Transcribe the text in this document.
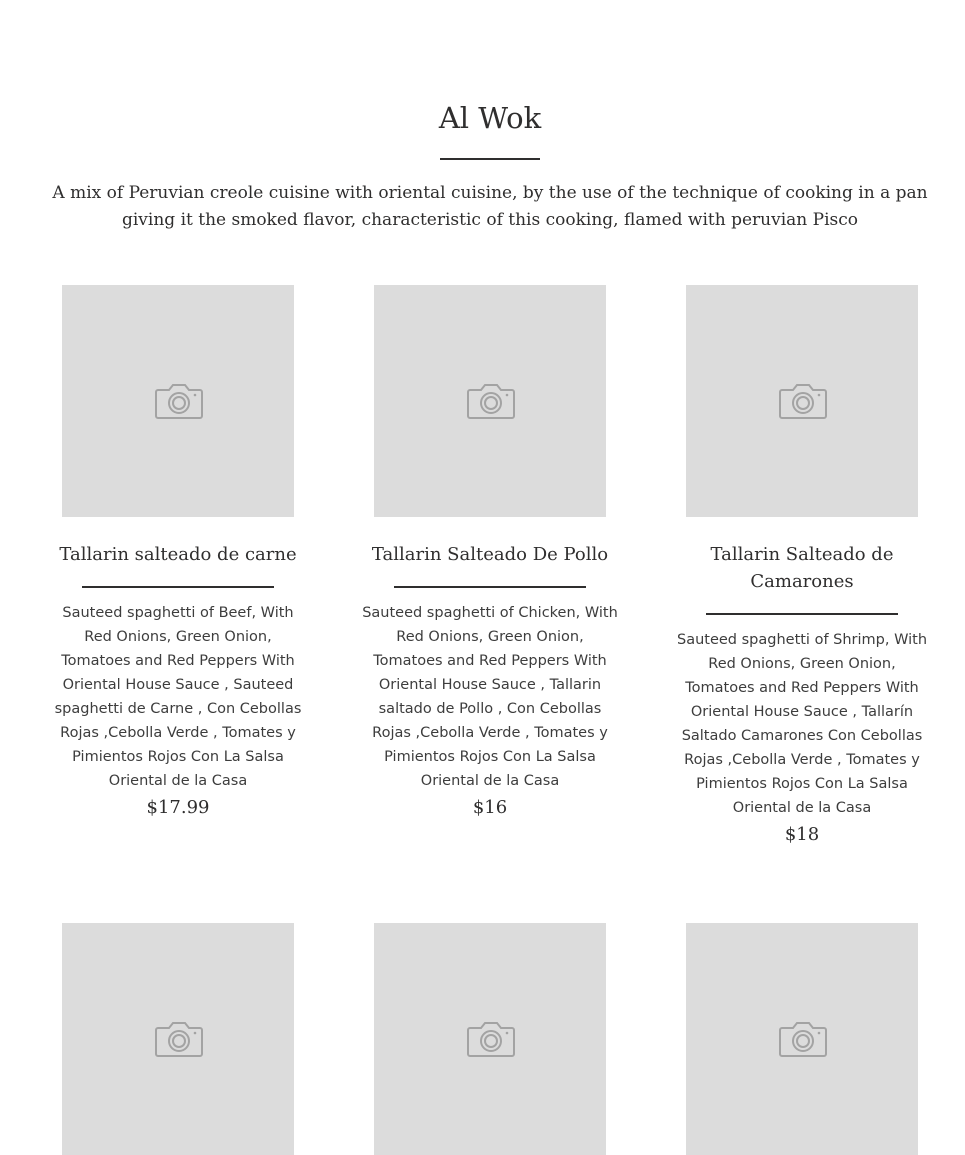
Al Wok

A mix of Peruvian creole cuisine with oriental cuisine, by the use of the technique of cooking in a pan giving it the smoked flavor, characteristic of this cooking, flamed with peruvian Pisco

Tallarin salteado de carne

Sauteed spaghetti of Beef, With Red Onions, Green Onion, Tomatoes and Red Peppers With Oriental House Sauce , Sauteed spaghetti de Carne , Con Cebollas Rojas ,Cebolla Verde , Tomates y Pimientos Rojos Con La Salsa Oriental de la Casa

$17.99
Tallarin Salteado De Pollo

Sauteed spaghetti of Chicken, With Red Onions, Green Onion, Tomatoes and Red Peppers With Oriental House Sauce , Tallarin saltado de Pollo , Con Cebollas Rojas ,Cebolla Verde , Tomates y Pimientos Rojos Con La Salsa Oriental de la Casa

$16
Tallarin Salteado de Camarones

Sauteed spaghetti of Shrimp, With Red Onions, Green Onion, Tomatoes and Red Peppers With Oriental House Sauce , Tallarín Saltado Camarones Con Cebollas Rojas ,Cebolla Verde , Tomates y Pimientos Rojos Con La Salsa Oriental de la Casa

$18
